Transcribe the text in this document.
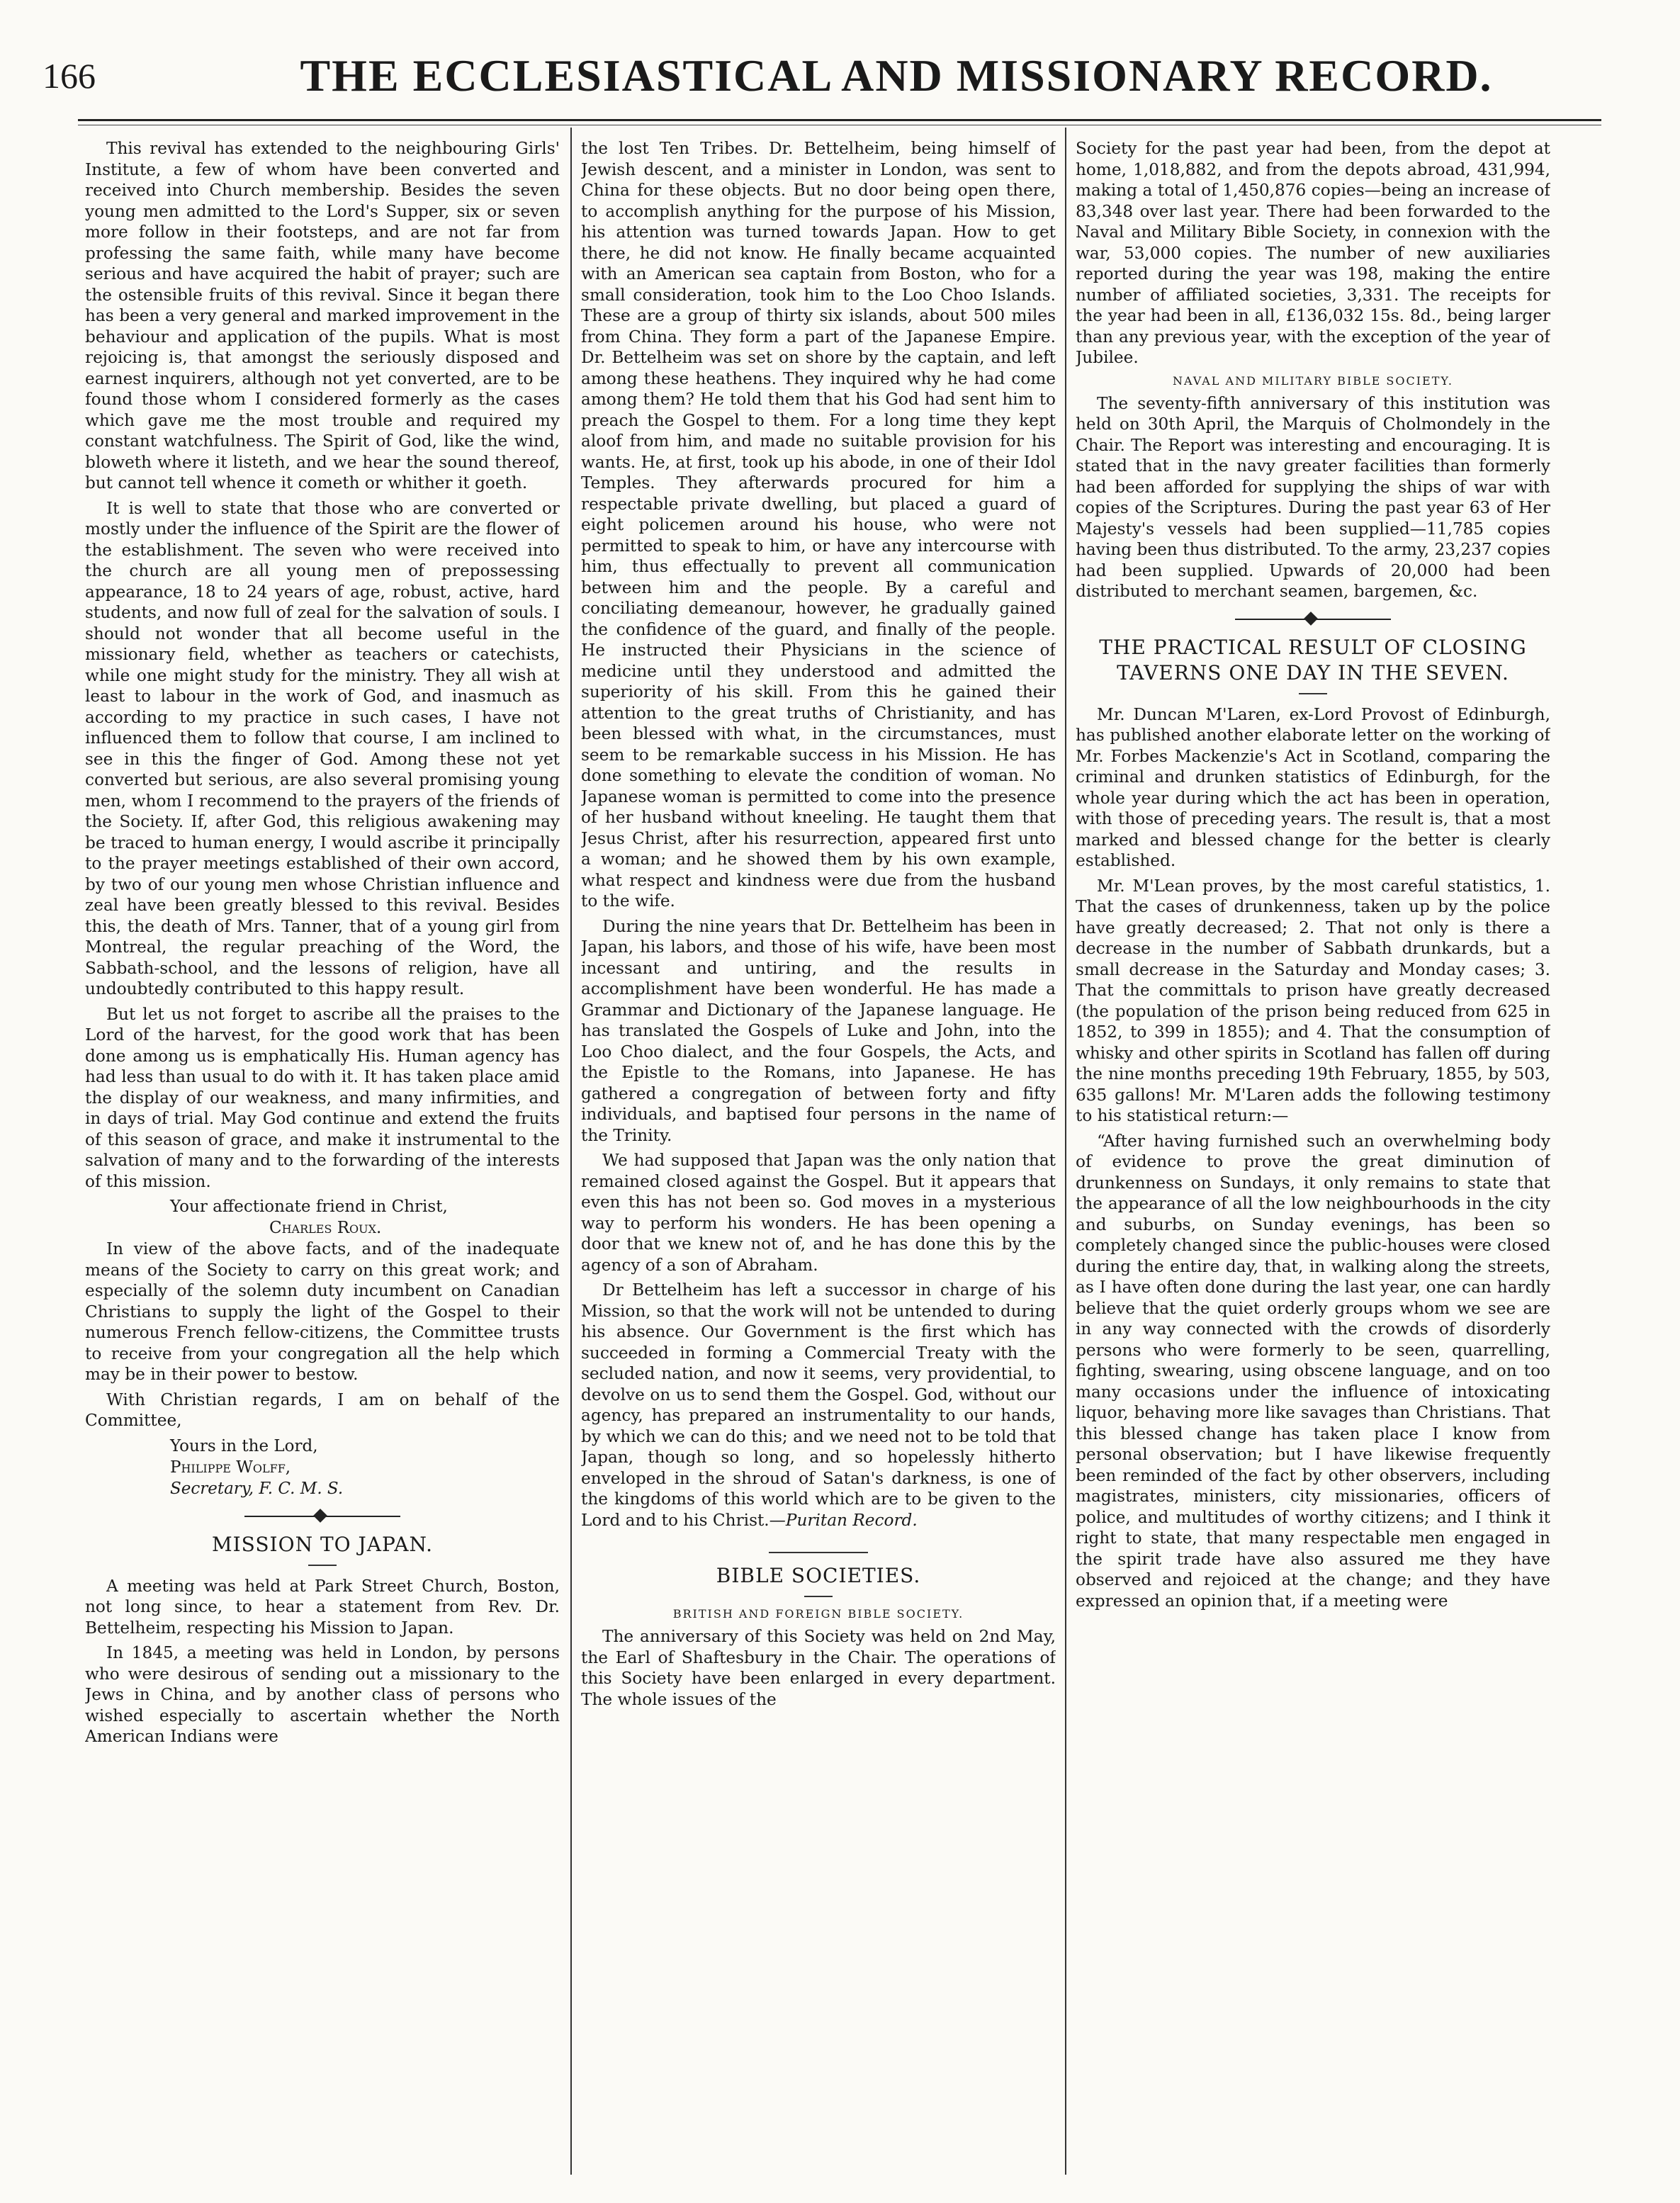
166	THE ECCLESIASTICAL AND MISSIONARY RECORD.

This revival has extended to the neighbouring Girls' Institute, a few of whom have been converted and received into Church membership. Besides the seven young men admitted to the Lord's Supper, six or seven more follow in their footsteps, and are not far from professing the same faith, while many have become serious and have acquired the habit of prayer; such are the ostensible fruits of this revival. Since it began there has been a very general and marked improvement in the behaviour and application of the pupils. What is most rejoicing is, that amongst the seriously disposed and earnest inquirers, although not yet converted, are to be found those whom I considered formerly as the cases which gave me the most trouble and required my constant watchfulness. The Spirit of God, like the wind, bloweth where it listeth, and we hear the sound thereof, but cannot tell whence it cometh or whither it goeth.

It is well to state that those who are converted or mostly under the influence of the Spirit are the flower of the establishment. The seven who were received into the church are all young men of prepossessing appearance, 18 to 24 years of age, robust, active, hard students, and now full of zeal for the salvation of souls. I should not wonder that all become useful in the missionary field, whether as teachers or catechists, while one might study for the ministry. They all wish at least to labour in the work of God, and inasmuch as according to my practice in such cases, I have not influenced them to follow that course, I am inclined to see in this the finger of God. Among these not yet converted but serious, are also several promising young men, whom I recommend to the prayers of the friends of the Society. If, after God, this religious awakening may be traced to human energy, I would ascribe it principally to the prayer meetings established of their own accord, by two of our young men whose Christian influence and zeal have been greatly blessed to this revival. Besides this, the death of Mrs. Tanner, that of a young girl from Montreal, the regular preaching of the Word, the Sabbath-school, and the lessons of religion, have all undoubtedly contributed to this happy result.

But let us not forget to ascribe all the praises to the Lord of the harvest, for the good work that has been done among us is emphatically His. Human agency has had less than usual to do with it. It has taken place amid the display of our weakness, and many infirmities, and in days of trial. May God continue and extend the fruits of this season of grace, and make it instrumental to the salvation of many and to the forwarding of the interests of this mission.

Your affectionate friend in Christ,
Charles Roux.

In view of the above facts, and of the inadequate means of the Society to carry on this great work; and especially of the solemn duty incumbent on Canadian Christians to supply the light of the Gospel to their numerous French fellow-citizens, the Committee trusts to receive from your congregation all the help which may be in their power to bestow.

With Christian regards, I am on behalf of the Committee,

Yours in the Lord,
Philippe Wolff,
Secretary, F. C. M. S.
MISSION TO JAPAN.

A meeting was held at Park Street Church, Boston, not long since, to hear a statement from Rev. Dr. Bettelheim, respecting his Mission to Japan.

In 1845, a meeting was held in London, by persons who were desirous of sending out a missionary to the Jews in China, and by another class of persons who wished especially to ascertain whether the North American Indians were

the lost Ten Tribes. Dr. Bettelheim, being himself of Jewish descent, and a minister in London, was sent to China for these objects. But no door being open there, to accomplish anything for the purpose of his Mission, his attention was turned towards Japan. How to get there, he did not know. He finally became acquainted with an American sea captain from Boston, who for a small consideration, took him to the Loo Choo Islands. These are a group of thirty six islands, about 500 miles from China. They form a part of the Japanese Empire. Dr. Bettelheim was set on shore by the captain, and left among these heathens. They inquired why he had come among them? He told them that his God had sent him to preach the Gospel to them. For a long time they kept aloof from him, and made no suitable provision for his wants. He, at first, took up his abode, in one of their Idol Temples. They afterwards procured for him a respectable private dwelling, but placed a guard of eight policemen around his house, who were not permitted to speak to him, or have any intercourse with him, thus effectually to prevent all communication between him and the people. By a careful and conciliating demeanour, however, he gradually gained the confidence of the guard, and finally of the people. He instructed their Physicians in the science of medicine until they understood and admitted the superiority of his skill. From this he gained their attention to the great truths of Christianity, and has been blessed with what, in the circumstances, must seem to be remarkable success in his Mission. He has done something to elevate the condition of woman. No Japanese woman is permitted to come into the presence of her husband without kneeling. He taught them that Jesus Christ, after his resurrection, appeared first unto a woman; and he showed them by his own example, what respect and kindness were due from the husband to the wife.

During the nine years that Dr. Bettelheim has been in Japan, his labors, and those of his wife, have been most incessant and untiring, and the results in accomplishment have been wonderful. He has made a Grammar and Dictionary of the Japanese language. He has translated the Gospels of Luke and John, into the Loo Choo dialect, and the four Gospels, the Acts, and the Epistle to the Romans, into Japanese. He has gathered a congregation of between forty and fifty individuals, and baptised four persons in the name of the Trinity.

We had supposed that Japan was the only nation that remained closed against the Gospel. But it appears that even this has not been so. God moves in a mysterious way to perform his wonders. He has been opening a door that we knew not of, and he has done this by the agency of a son of Abraham.

Dr Bettelheim has left a successor in charge of his Mission, so that the work will not be untended to during his absence. Our Government is the first which has succeeded in forming a Commercial Treaty with the secluded nation, and now it seems, very providential, to devolve on us to send them the Gospel. God, without our agency, has prepared an instrumentality to our hands, by which we can do this; and we need not to be told that Japan, though so long, and so hopelessly hitherto enveloped in the shroud of Satan's darkness, is one of the kingdoms of this world which are to be given to the Lord and to his Christ.—Puritan Record.

BIBLE SOCIETIES.
BRITISH AND FOREIGN BIBLE SOCIETY.

The anniversary of this Society was held on 2nd May, the Earl of Shaftesbury in the Chair. The operations of this Society have been enlarged in every department. The whole issues of the

Society for the past year had been, from the depot at home, 1,018,882, and from the depots abroad, 431,994, making a total of 1,450,876 copies—being an increase of 83,348 over last year. There had been forwarded to the Naval and Military Bible Society, in connexion with the war, 53,000 copies. The number of new auxiliaries reported during the year was 198, making the entire number of affiliated societies, 3,331. The receipts for the year had been in all, £136,032 15s. 8d., being larger than any previous year, with the exception of the year of Jubilee.

NAVAL AND MILITARY BIBLE SOCIETY.

The seventy-fifth anniversary of this institution was held on 30th April, the Marquis of Cholmondely in the Chair. The Report was interesting and encouraging. It is stated that in the navy greater facilities than formerly had been afforded for supplying the ships of war with copies of the Scriptures. During the past year 63 of Her Majesty's vessels had been supplied—11,785 copies having been thus distributed. To the army, 23,237 copies had been supplied. Upwards of 20,000 had been distributed to merchant seamen, bargemen, &c.

THE PRACTICAL RESULT OF CLOSING TAVERNS ONE DAY IN THE SEVEN.

Mr. Duncan M'Laren, ex-Lord Provost of Edinburgh, has published another elaborate letter on the working of Mr. Forbes Mackenzie's Act in Scotland, comparing the criminal and drunken statistics of Edinburgh, for the whole year during which the act has been in operation, with those of preceding years. The result is, that a most marked and blessed change for the better is clearly established.

Mr. M'Lean proves, by the most careful statistics, 1. That the cases of drunkenness, taken up by the police have greatly decreased; 2. That not only is there a decrease in the number of Sabbath drunkards, but a small decrease in the Saturday and Monday cases; 3. That the committals to prison have greatly decreased (the population of the prison being reduced from 625 in 1852, to 399 in 1855); and 4. That the consumption of whisky and other spirits in Scotland has fallen off during the nine months preceding 19th February, 1855, by 503, 635 gallons! Mr. M'Laren adds the following testimony to his statistical return:—

“After having furnished such an overwhelming body of evidence to prove the great diminution of drunkenness on Sundays, it only remains to state that the appearance of all the low neighbourhoods in the city and suburbs, on Sunday evenings, has been so completely changed since the public-houses were closed during the entire day, that, in walking along the streets, as I have often done during the last year, one can hardly believe that the quiet orderly groups whom we see are in any way connected with the crowds of disorderly persons who were formerly to be seen, quarrelling, fighting, swearing, using obscene language, and on too many occasions under the influence of intoxicating liquor, behaving more like savages than Christians. That this blessed change has taken place I know from personal observation; but I have likewise frequently been reminded of the fact by other observers, including magistrates, ministers, city missionaries, officers of police, and multitudes of worthy citizens; and I think it right to state, that many respectable men engaged in the spirit trade have also assured me they have observed and rejoiced at the change; and they have expressed an opinion that, if a meeting were
